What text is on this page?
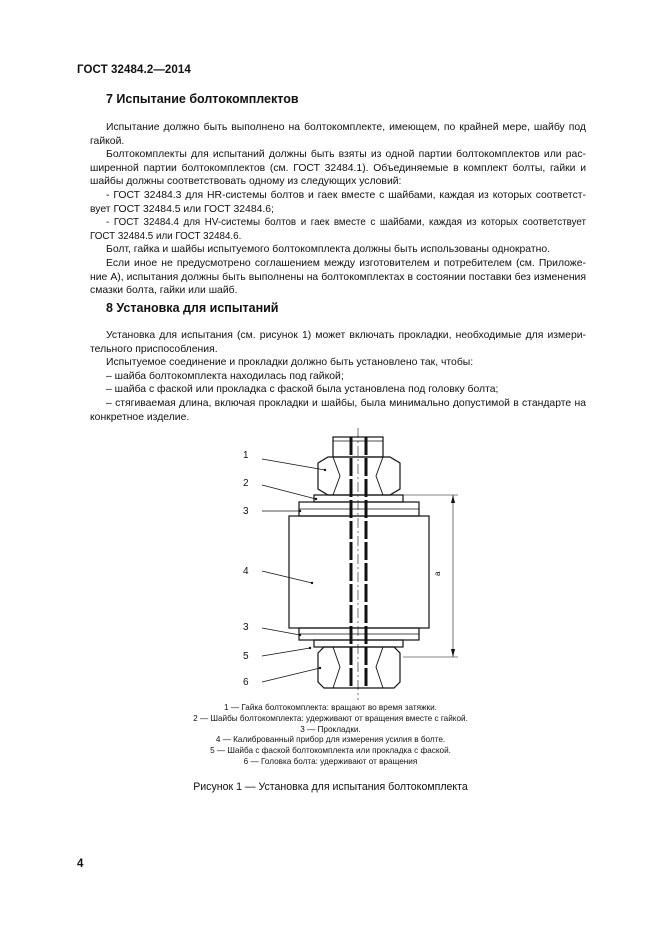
ГОСТ 32484.2—2014
7 Испытание болтокомплектов
Испытание должно быть выполнено на болтокомплекте, имеющем, по крайней мере, шайбу под гайкой.
Болтокомплекты для испытаний должны быть взяты из одной партии болтокомплектов или расширенной партии болтокомплектов (см. ГОСТ 32484.1). Объединяемые в комплект болты, гайки и шайбы должны соответствовать одному из следующих условий:
- ГОСТ 32484.3 для HR-системы болтов и гаек вместе с шайбами, каждая из которых соответствует ГОСТ 32484.5 или ГОСТ 32484.6;
- ГОСТ 32484.4 для HV-системы болтов и гаек вместе с шайбами, каждая из которых соответствует ГОСТ 32484.5 или ГОСТ 32484.6.
Болт, гайка и шайбы испытуемого болтокомплекта должны быть использованы однократно.
Если иное не предусмотрено соглашением между изготовителем и потребителем (см. Приложение А), испытания должны быть выполнены на болтокомплектах в состоянии поставки без изменения смазки болта, гайки или шайб.
8 Установка для испытаний
Установка для испытания (см. рисунок 1) может включать прокладки, необходимые для измерительного приспособления.
Испытуемое соединение и прокладки должно быть установлено так, чтобы:
– шайба болтокомплекта находилась под гайкой;
– шайба с фаской или прокладка с фаской была установлена под головку болта;
– стягиваемая длина, включая прокладки и шайбы, была минимально допустимой в стандарте на конкретное изделие.
1
2
3
4
3
5
6
a
1 — Гайка болтокомплекта: вращают во время затяжки.
2 — Шайбы болтокомплекта: удерживают от вращения вместе с гайкой.
3 — Прокладки.
4 — Калиброванный прибор для измерения усилия в болте.
5 — Шайба с фаской болтокомплекта или прокладка с фаской.
6 — Головка болта: удерживают от вращения
Рисунок 1 — Установка для испытания болтокомплекта
4
